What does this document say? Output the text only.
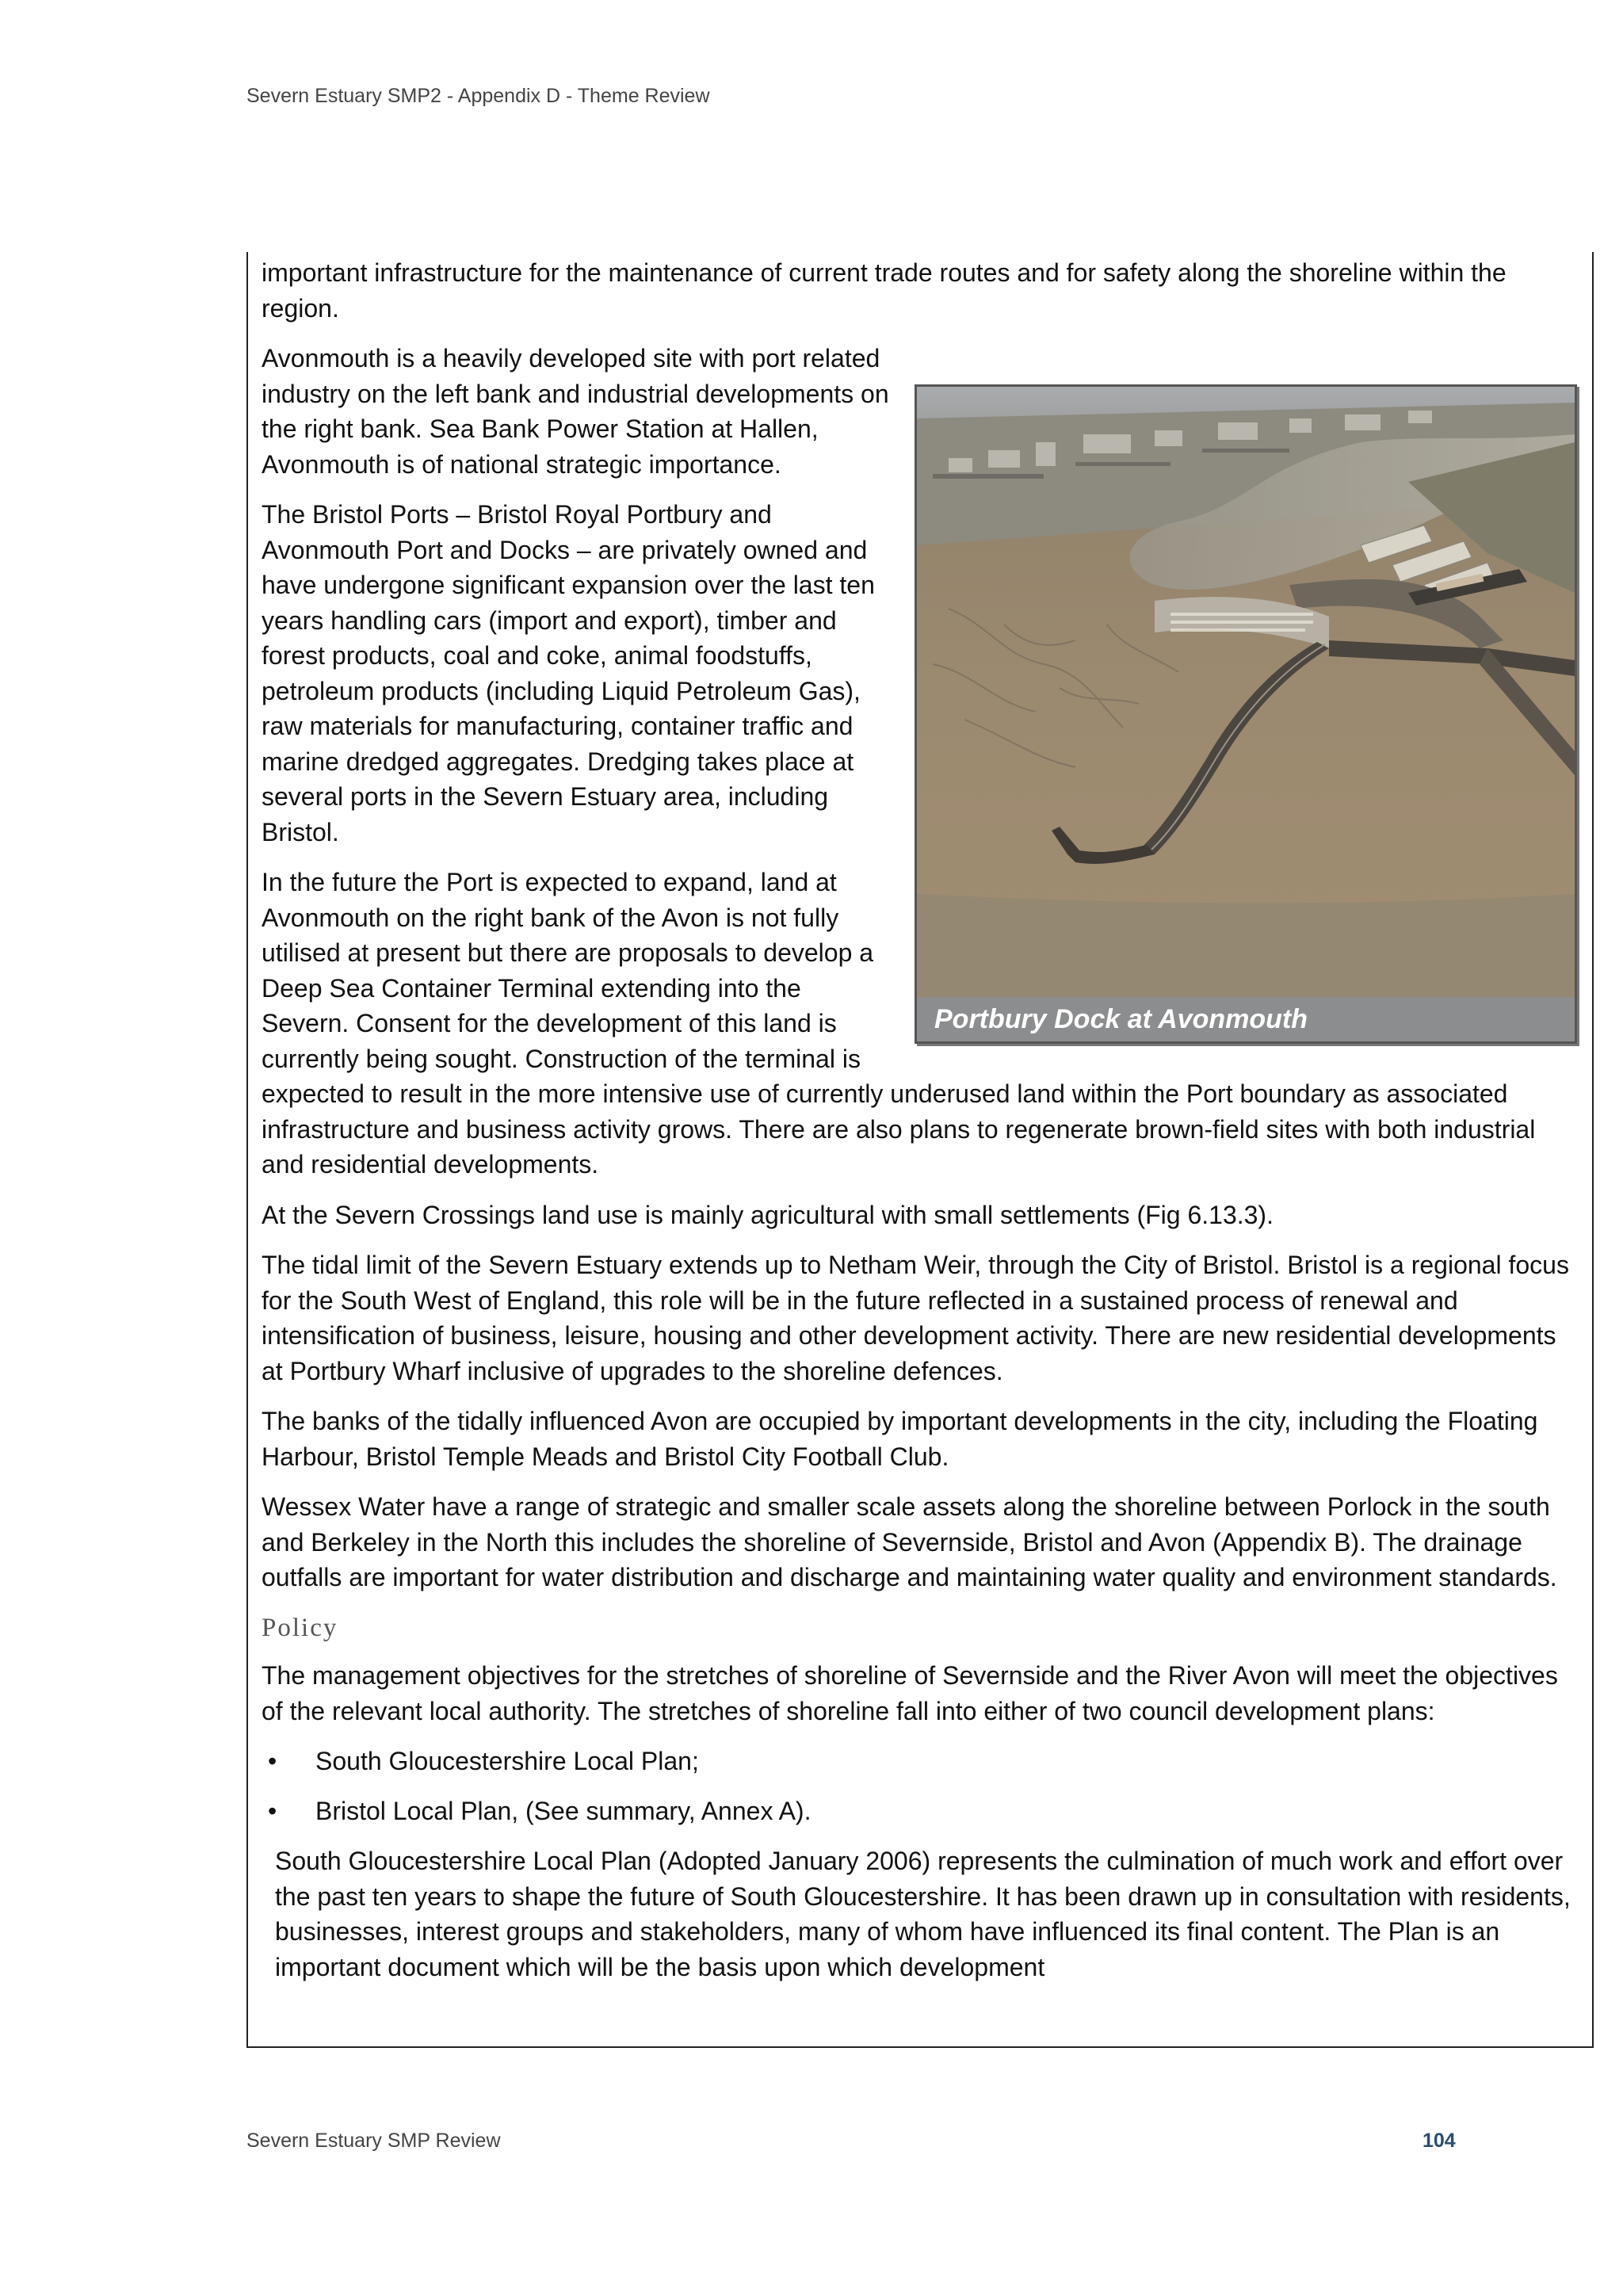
Severn Estuary SMP2 - Appendix D - Theme Review

important infrastructure for the maintenance of current trade routes and for safety along the shoreline within the region.

Portbury Dock at Avonmouth

Avonmouth is a heavily developed site with port related industry on the left bank and industrial developments on the right bank. Sea Bank Power Station at Hallen, Avonmouth is of national strategic importance.

The Bristol Ports – Bristol Royal Portbury and Avonmouth Port and Docks – are privately owned and have undergone significant expansion over the last ten years handling cars (import and export), timber and forest products, coal and coke, animal foodstuffs, petroleum products (including Liquid Petroleum Gas), raw materials for manufacturing, container traffic and marine dredged aggregates. Dredging takes place at several ports in the Severn Estuary area, including Bristol.

In the future the Port is expected to expand, land at Avonmouth on the right bank of the Avon is not fully utilised at present but there are proposals to develop a Deep Sea Container Terminal extending into the Severn. Consent for the development of this land is currently being sought. Construction of the terminal is expected to result in the more intensive use of currently underused land within the Port boundary as associated infrastructure and business activity grows. There are also plans to regenerate brown-field sites with both industrial and residential developments.

At the Severn Crossings land use is mainly agricultural with small settlements (Fig 6.13.3).

The tidal limit of the Severn Estuary extends up to Netham Weir, through the City of Bristol. Bristol is a regional focus for the South West of England, this role will be in the future reflected in a sustained process of renewal and intensification of business, leisure, housing and other development activity. There are new residential developments at Portbury Wharf inclusive of upgrades to the shoreline defences.

The banks of the tidally influenced Avon are occupied by important developments in the city, including the Floating Harbour, Bristol Temple Meads and Bristol City Football Club.

Wessex Water have a range of strategic and smaller scale assets along the shoreline between Porlock in the south and Berkeley in the North this includes the shoreline of Severnside, Bristol and Avon (Appendix B). The drainage outfalls are important for water distribution and discharge and maintaining water quality and environment standards.

Policy

The management objectives for the stretches of shoreline of Severnside and the River Avon will meet the objectives of the relevant local authority. The stretches of shoreline fall into either of two council development plans:

• South Gloucestershire Local Plan;
• Bristol Local Plan, (See summary, Annex A).

South Gloucestershire Local Plan (Adopted January 2006) represents the culmination of much work and effort over the past ten years to shape the future of South Gloucestershire. It has been drawn up in consultation with residents, businesses, interest groups and stakeholders, many of whom have influenced its final content. The Plan is an important document which will be the basis upon which development

Severn Estuary SMP Review	104
